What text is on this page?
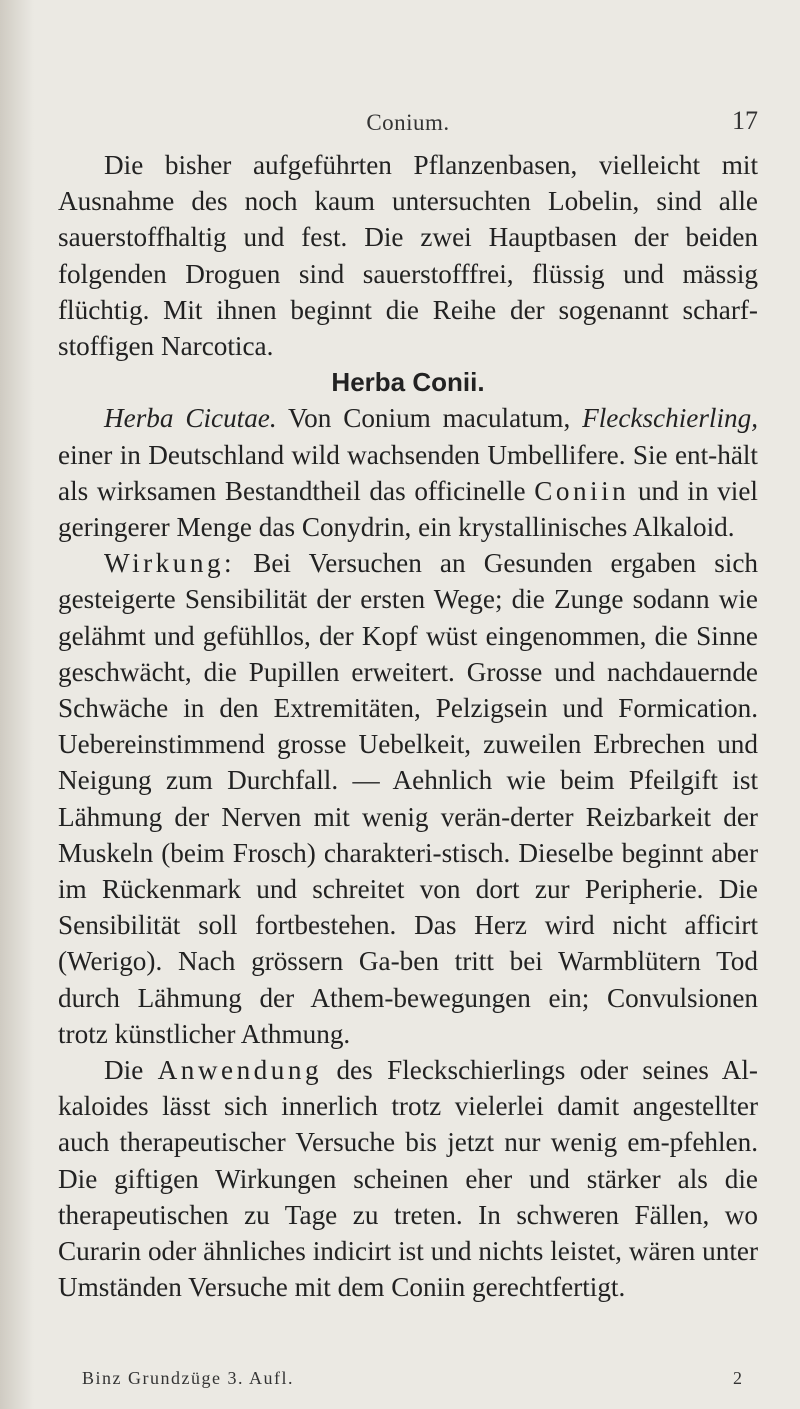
Conium.	17

Die bisher aufgeführten Pflanzenbasen, vielleicht mit Ausnahme des noch kaum untersuchten Lobelin, sind alle sauerstoffhaltig und fest. Die zwei Hauptbasen der beiden folgenden Droguen sind sauerstofffrei, flüssig und mässig flüchtig. Mit ihnen beginnt die Reihe der sogenannt scharf-stoffigen Narcotica.

Herba Conii.

Herba Cicutae. Von Conium maculatum, Fleckschierling, einer in Deutschland wild wachsenden Umbellifere. Sie ent-hält als wirksamen Bestandtheil das officinelle Coniin und in viel geringerer Menge das Conydrin, ein krystallinisches Alkaloid.

Wirkung: Bei Versuchen an Gesunden ergaben sich gesteigerte Sensibilität der ersten Wege; die Zunge sodann wie gelähmt und gefühllos, der Kopf wüst eingenommen, die Sinne geschwächt, die Pupillen erweitert. Grosse und nachdauernde Schwäche in den Extremitäten, Pelzigsein und Formication. Uebereinstimmend grosse Uebelkeit, zuweilen Erbrechen und Neigung zum Durchfall. — Aehnlich wie beim Pfeilgift ist Lähmung der Nerven mit wenig verän-derter Reizbarkeit der Muskeln (beim Frosch) charakteri-stisch. Dieselbe beginnt aber im Rückenmark und schreitet von dort zur Peripherie. Die Sensibilität soll fortbestehen. Das Herz wird nicht afficirt (Werigo). Nach grössern Ga-ben tritt bei Warmblütern Tod durch Lähmung der Athem-bewegungen ein; Convulsionen trotz künstlicher Athmung.

Die Anwendung des Fleckschierlings oder seines Al-kaloides lässt sich innerlich trotz vielerlei damit angestellter auch therapeutischer Versuche bis jetzt nur wenig em-pfehlen. Die giftigen Wirkungen scheinen eher und stärker als die therapeutischen zu Tage zu treten. In schweren Fällen, wo Curarin oder ähnliches indicirt ist und nichts leistet, wären unter Umständen Versuche mit dem Coniin gerechtfertigt.

Binz Grundzüge 3. Aufl.	2
